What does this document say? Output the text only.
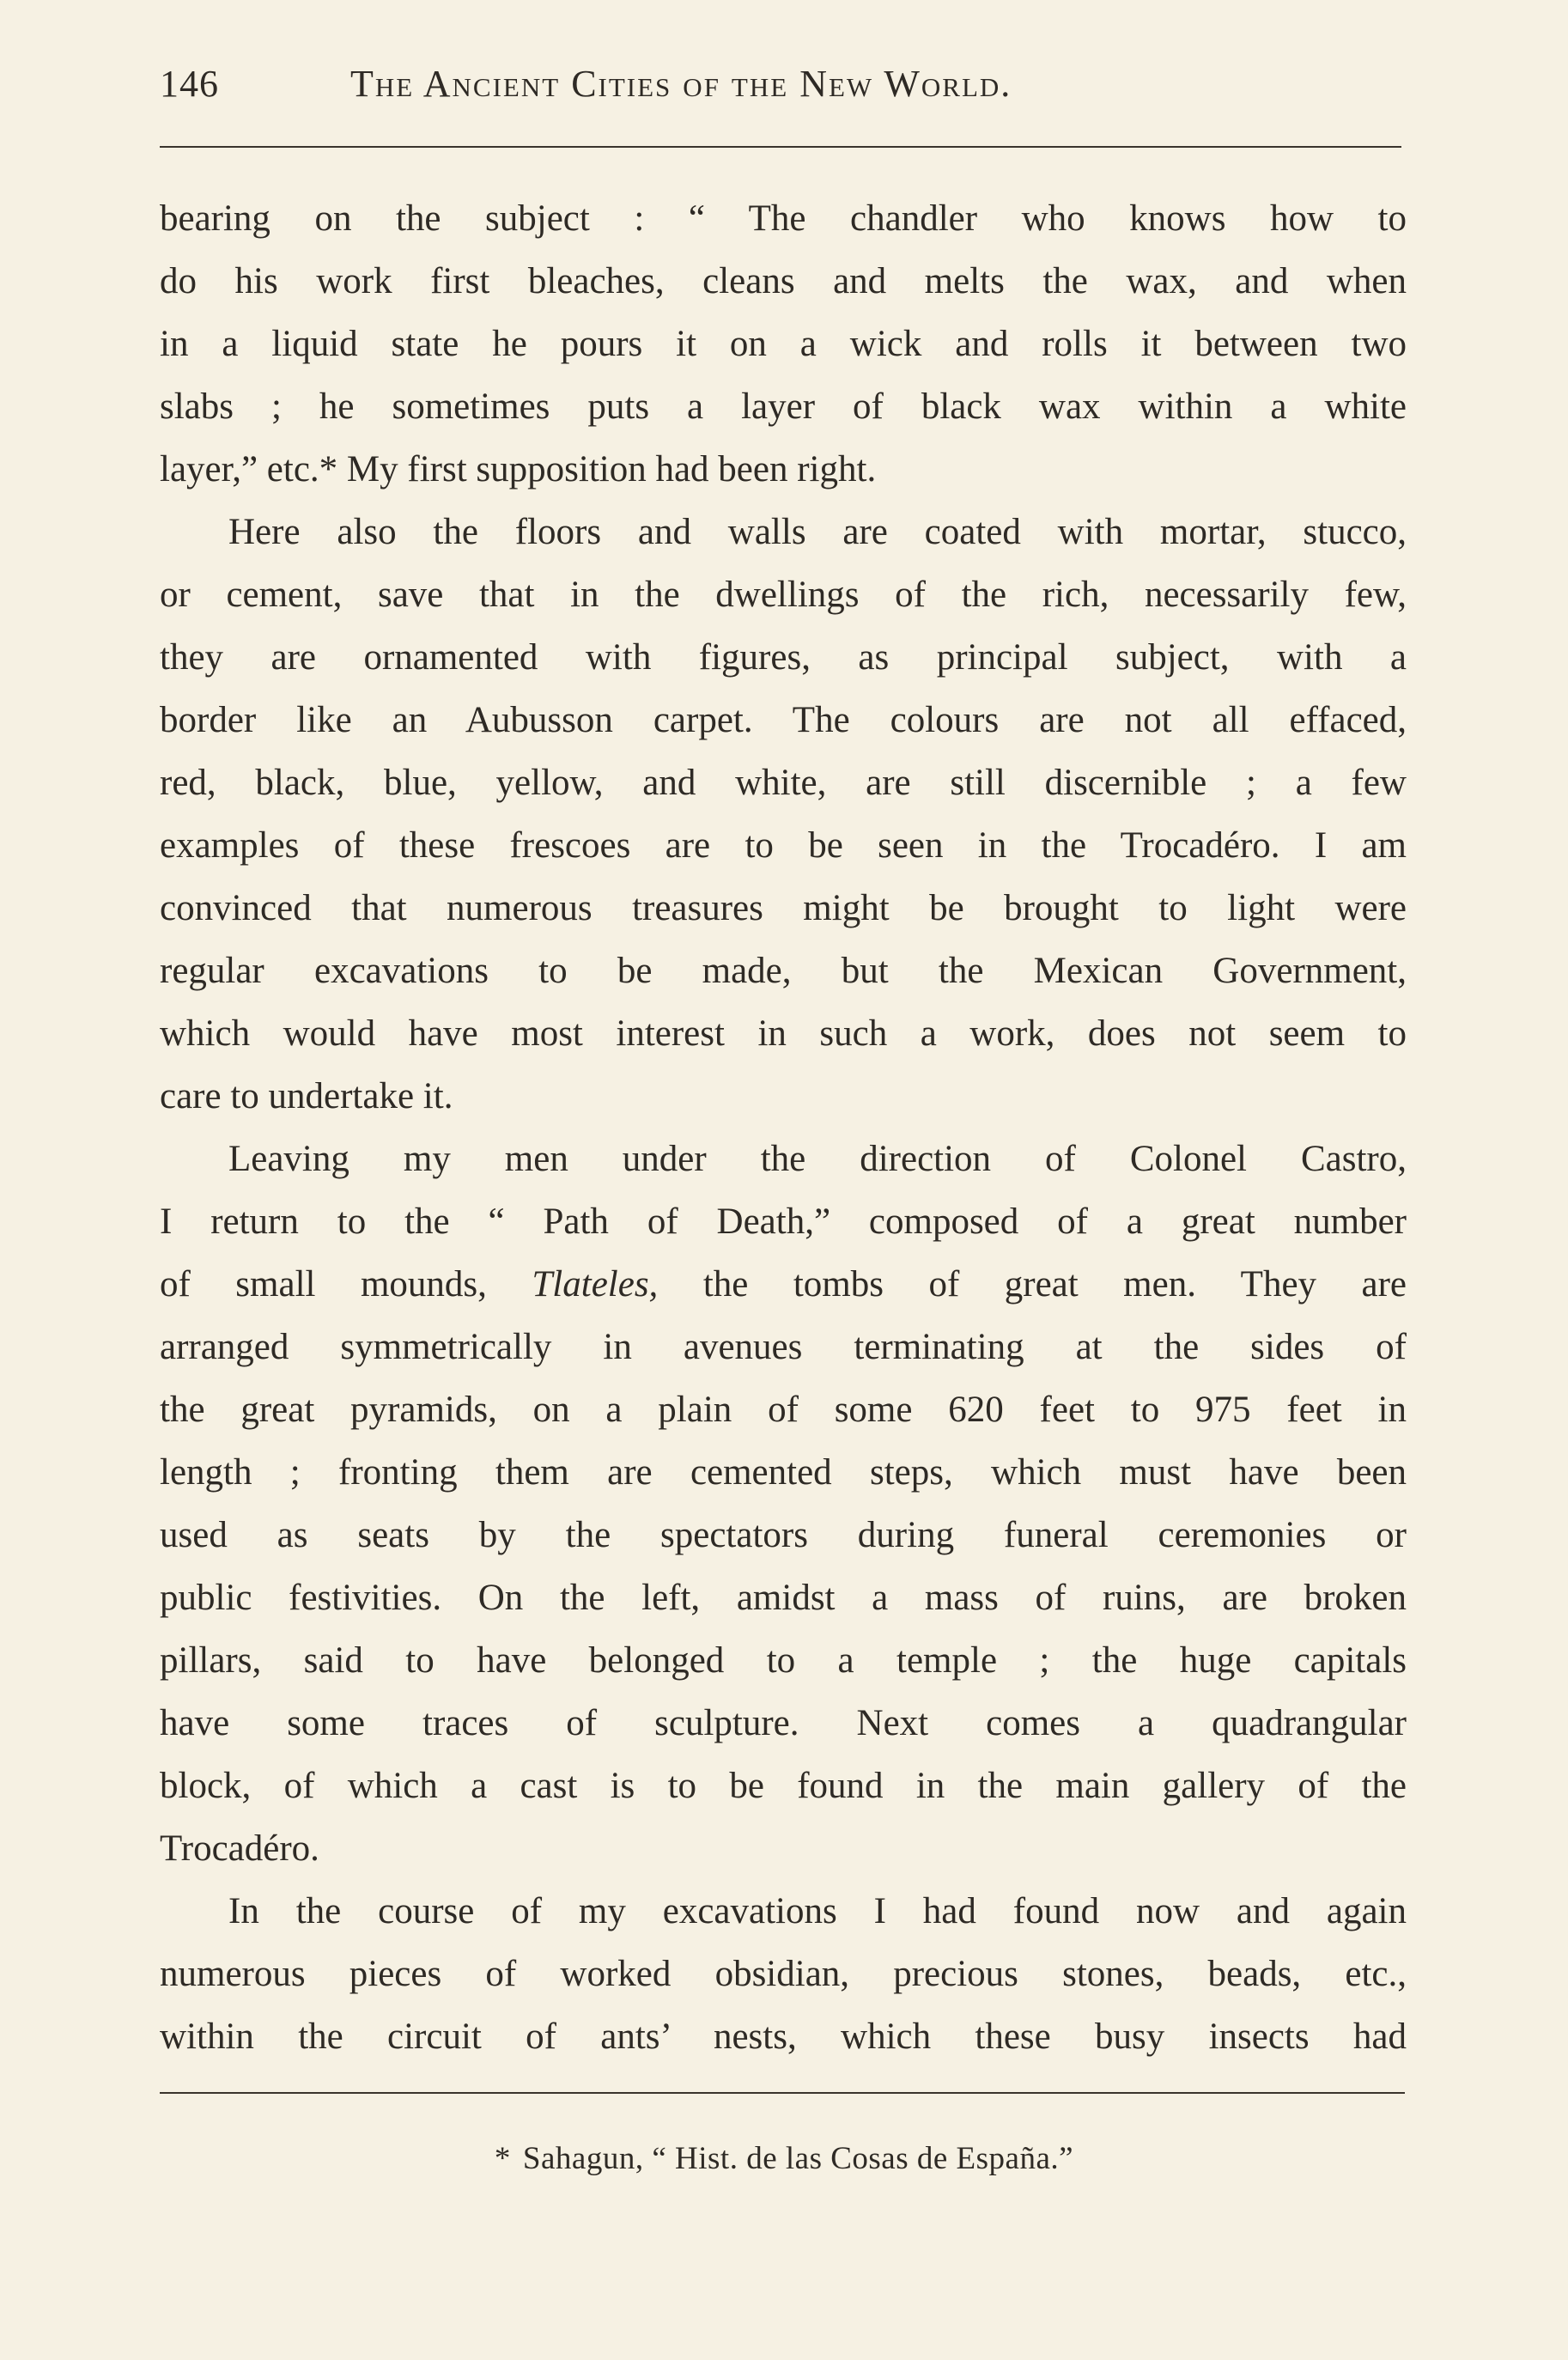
146	The Ancient Cities of the New World.
bearing on the subject : “ The chandler who knows how to
do his work first bleaches, cleans and melts the wax, and when
in a liquid state he pours it on a wick and rolls it between two
slabs ; he sometimes puts a layer of black wax within a white
layer,” etc.* My first supposition had been right.
Here also the floors and walls are coated with mortar, stucco,
or cement, save that in the dwellings of the rich, necessarily few,
they are ornamented with figures, as principal subject, with a
border like an Aubusson carpet. The colours are not all effaced,
red, black, blue, yellow, and white, are still discernible ; a few
examples of these frescoes are to be seen in the Trocadéro. I am
convinced that numerous treasures might be brought to light were
regular excavations to be made, but the Mexican Government,
which would have most interest in such a work, does not seem to
care to undertake it.
Leaving my men under the direction of Colonel Castro,
I return to the “ Path of Death,” composed of a great number
of small mounds, Tlateles, the tombs of great men. They are
arranged symmetrically in avenues terminating at the sides of
the great pyramids, on a plain of some 620 feet to 975 feet in
length ; fronting them are cemented steps, which must have been
used as seats by the spectators during funeral ceremonies or
public festivities. On the left, amidst a mass of ruins, are broken
pillars, said to have belonged to a temple ; the huge capitals
have some traces of sculpture. Next comes a quadrangular
block, of which a cast is to be found in the main gallery of the
Trocadéro.
In the course of my excavations I had found now and again
numerous pieces of worked obsidian, precious stones, beads, etc.,
within the circuit of ants’ nests, which these busy insects had
* Sahagun, “ Hist. de las Cosas de España.”
